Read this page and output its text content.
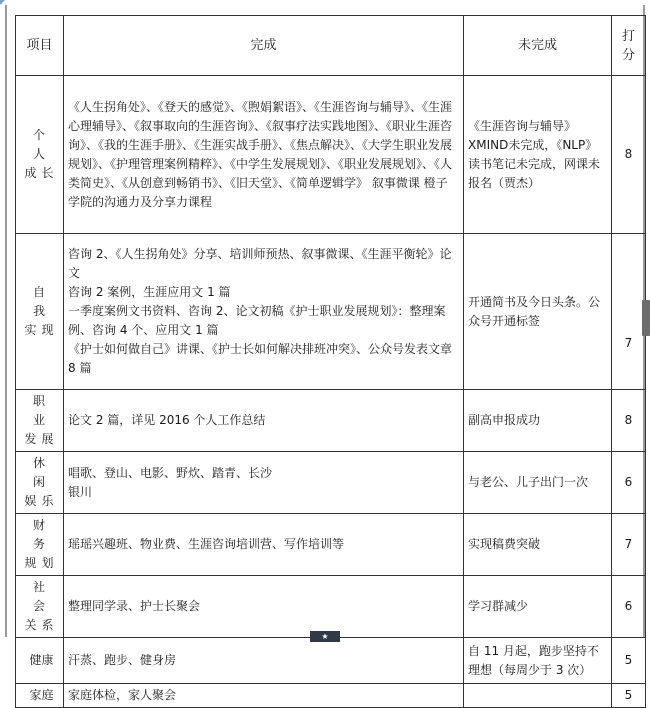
项目	完成	未完成	打
分

个 人
成长	《人生拐角处》、《登天的感觉》、《煦娟絮语》、《生涯咨询与辅导》、《生涯心理辅导》、《叙事取向的生涯咨询》、《叙事疗法实践地图》、《职业生涯咨询》、《我的生涯手册》、《生涯实战手册》、《焦点解决》、《大学生职业发展规划》、《护理管理案例精粹》、《中学生发展规划》、《职业发展规划》、《人类简史》、《从创意到畅销书》、《旧天堂》、《简单逻辑学》 叙事微课 橙子学院的沟通力及分享力课程	《生涯咨询与辅导》XMIND未完成，《NLP》读书笔记未完成，网课未报名（贾杰）	8

自 我
实现	咨询 2、《人生拐角处》分享、培训师预热、叙事微课、《生涯平衡轮》论文
咨询 2 案例，生涯应用文 1 篇
一季度案例文书资料、咨询 2、论文初稿《护士职业发展规划》：整理案例、咨询 4 个、应用文 1 篇
《护士如何做自己》讲课、《护士长如何解决排班冲突》、公众号发表文章 8 篇	开通简书及今日头条。公众号开通标签	7

职 业
发展	论文 2 篇，详见 2016 个人工作总结	副高申报成功	8

休 闲
娱乐	唱歌、登山、电影、野炊、踏青、长沙
银川	与老公、儿子出门一次	6

财 务
规划	瑶瑶兴趣班、物业费、生涯咨询培训营、写作培训等	实现稿费突破	7

社 会
关系	整理同学录、护士长聚会	学习群减少	6

健康	汗蒸、跑步、健身房	自 11 月起，跑步坚持不理想（每周少于 3 次）	5

家庭	家庭体检，家人聚会		5
★
